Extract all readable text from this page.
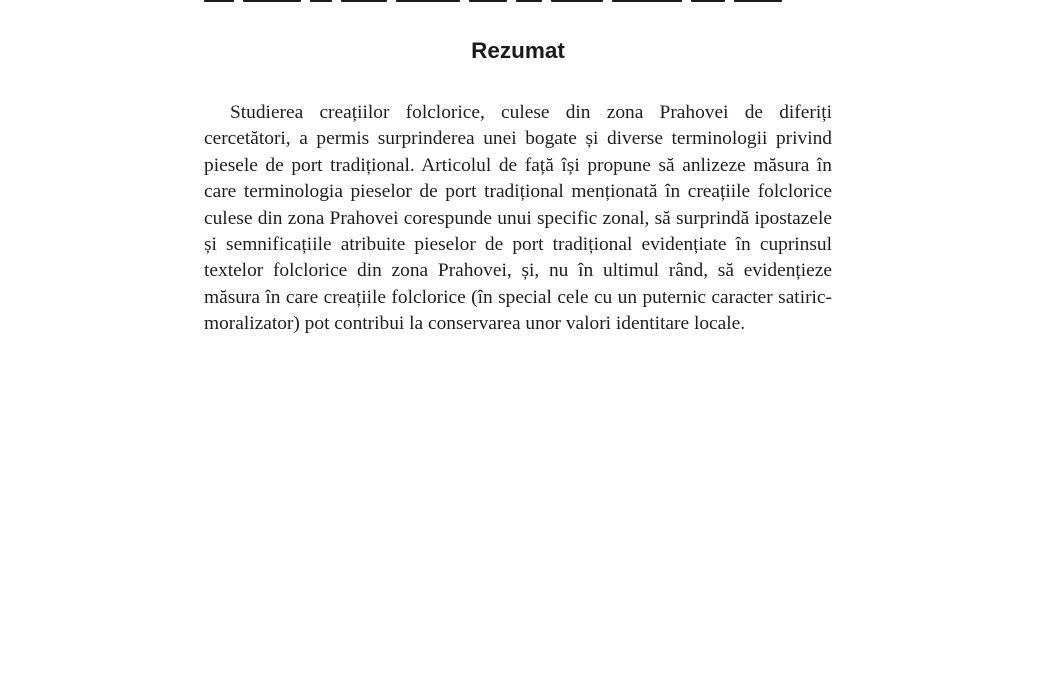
Rezumat

Studierea creațiilor folclorice, culese din zona Prahovei de diferiți cercetători, a permis surprinderea unei bogate și diverse terminologii privind piesele de port tradițional. Articolul de față își propune să anlizeze măsura în care terminologia pieselor de port tradițional menționată în creațiile folclorice culese din zona Prahovei corespunde unui specific zonal, să surprindă ipostazele și semnificațiile atribuite pieselor de port tradițional evidențiate în cuprinsul textelor folclorice din zona Prahovei, și, nu în ultimul rând, să evidențieze măsura în care creațiile folclorice (în special cele cu un puternic caracter satiric-moralizator) pot contribui la conservarea unor valori identitare locale.
